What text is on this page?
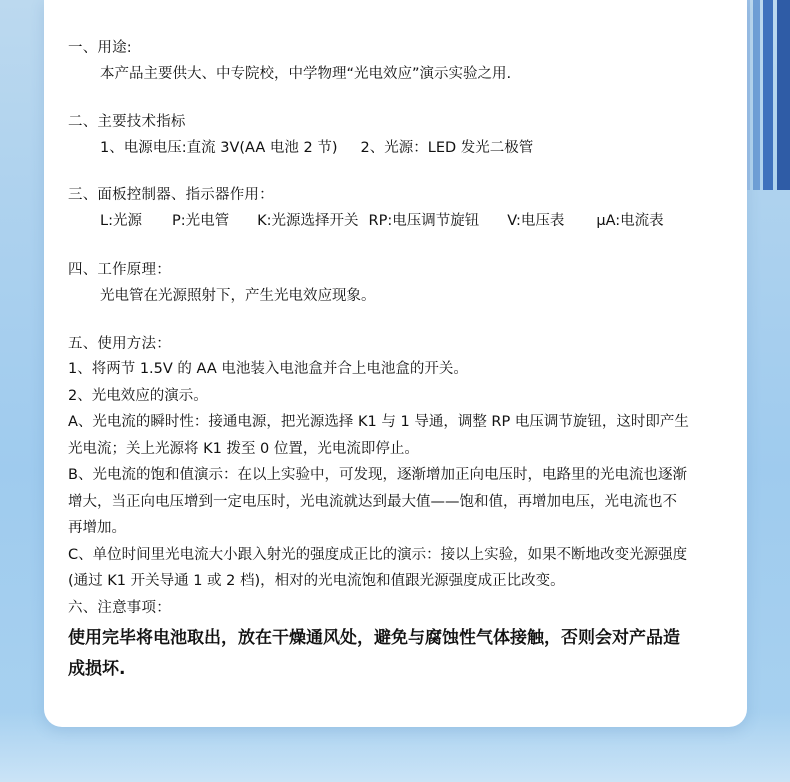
一、用途:

本产品主要供大、中专院校，中学物理“光电效应”演示实验之用.

二、主要技术指标

1、电源电压:直流 3V(AA 电池 2 节)     2、光源：LED 发光二极管

三、面板控制器、指示器作用：

L:光源 P:光电管 K:光源选择开关 RP:电压调节旋钮 V:电压表 μA:电流表

四、工作原理：

光电管在光源照射下，产生光电效应现象。

五、使用方法：

1、将两节 1.5V 的 AA 电池装入电池盒并合上电池盒的开关。

2、光电效应的演示。

A、光电流的瞬时性：接通电源，把光源选择 K1 与 1 导通，调整 RP 电压调节旋钮，这时即产生

光电流；关上光源将 K1 拨至 0 位置，光电流即停止。

B、光电流的饱和值演示：在以上实验中，可发现，逐渐增加正向电压时，电路里的光电流也逐渐

增大，当正向电压增到一定电压时，光电流就达到最大值——饱和值，再增加电压，光电流也不

再增加。

C、单位时间里光电流大小跟入射光的强度成正比的演示：接以上实验，如果不断地改变光源强度

(通过 K1 开关导通 1 或 2 档)，相对的光电流饱和值跟光源强度成正比改变。

六、注意事项：

使用完毕将电池取出，放在干燥通风处，避免与腐蚀性气体接触，否则会对产品造

成损坏.
